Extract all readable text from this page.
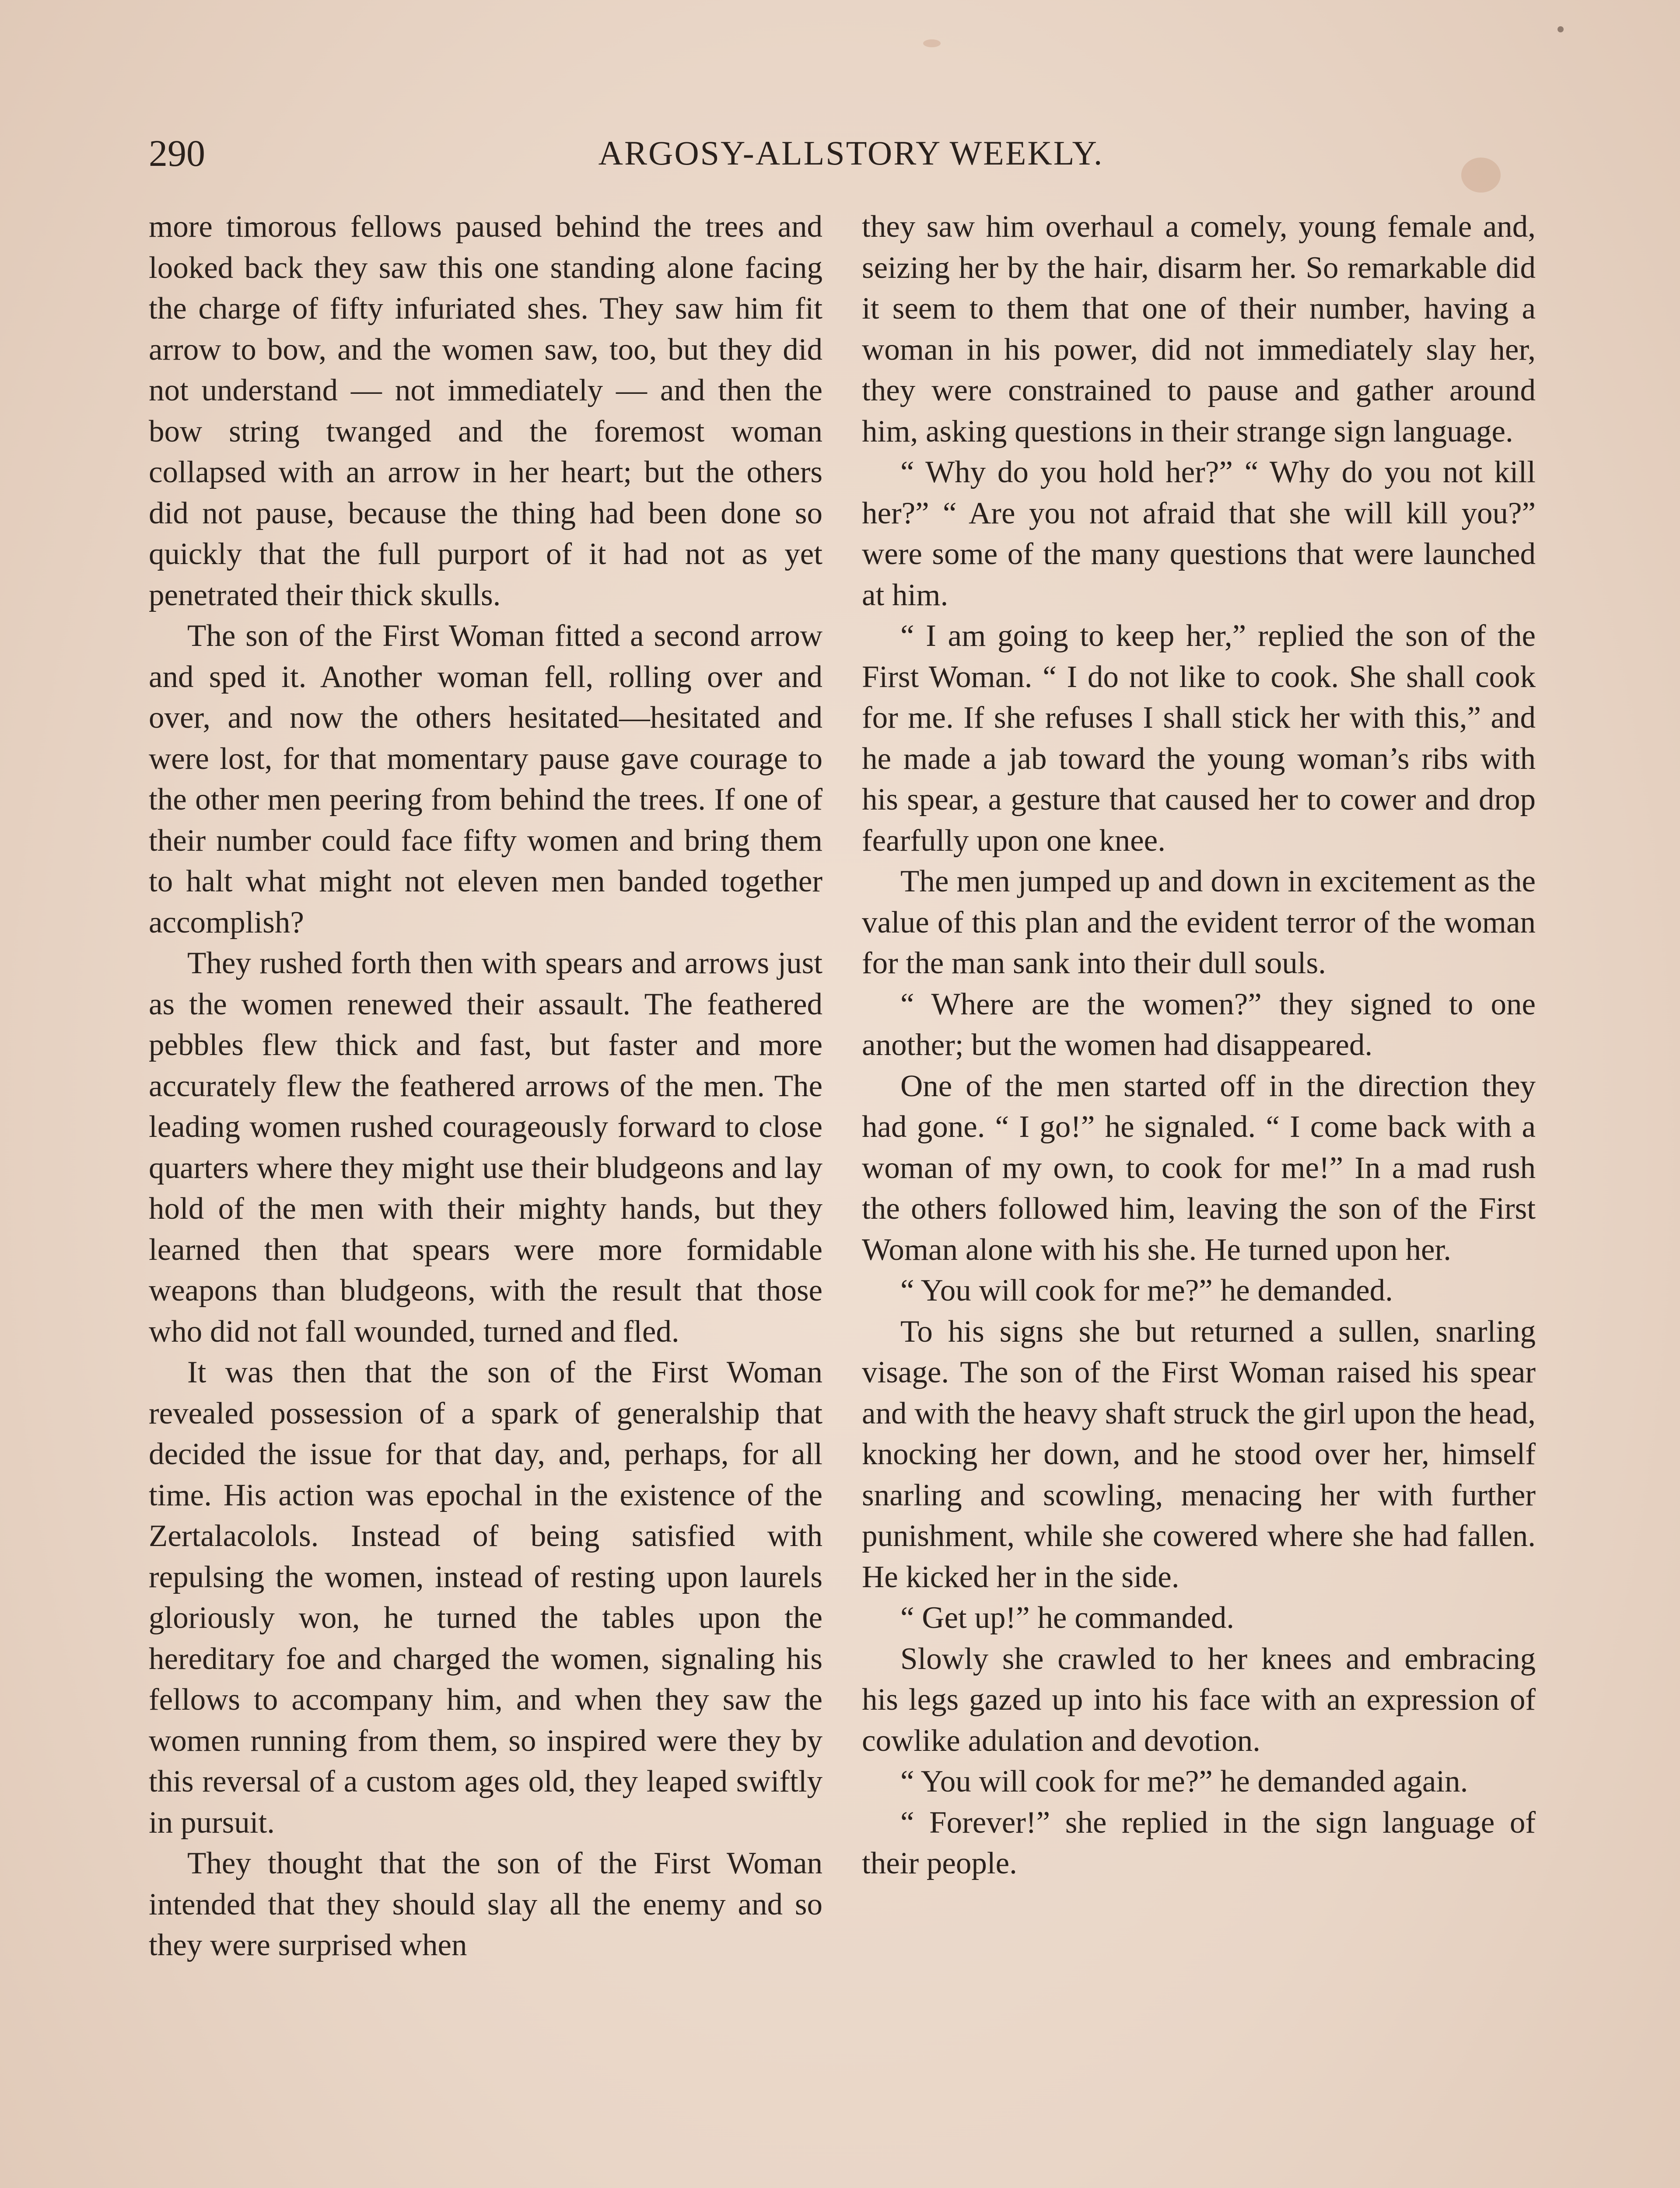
290	ARGOSY-ALLSTORY WEEKLY.

more timorous fellows paused behind the trees and looked back they saw this one standing alone facing the charge of fifty infuriated shes. They saw him fit arrow to bow, and the women saw, too, but they did not understand — not immediately — and then the bow string twanged and the foremost woman collapsed with an arrow in her heart; but the others did not pause, because the thing had been done so quickly that the full purport of it had not as yet penetrated their thick skulls.

The son of the First Woman fitted a second arrow and sped it. Another woman fell, rolling over and over, and now the others hesitated—hesitated and were lost, for that momentary pause gave courage to the other men peering from behind the trees. If one of their number could face fifty women and bring them to halt what might not eleven men banded together accomplish?

They rushed forth then with spears and arrows just as the women renewed their assault. The feathered pebbles flew thick and fast, but faster and more accurately flew the feathered arrows of the men. The leading women rushed courageously forward to close quarters where they might use their bludgeons and lay hold of the men with their mighty hands, but they learned then that spears were more formidable weapons than bludgeons, with the result that those who did not fall wounded, turned and fled.

It was then that the son of the First Woman revealed possession of a spark of generalship that decided the issue for that day, and, perhaps, for all time. His action was epochal in the existence of the Zertalacolols. Instead of being satisfied with repulsing the women, instead of resting upon laurels gloriously won, he turned the tables upon the hereditary foe and charged the women, signaling his fellows to accompany him, and when they saw the women running from them, so inspired were they by this reversal of a custom ages old, they leaped swiftly in pursuit.

They thought that the son of the First Woman intended that they should slay all the enemy and so they were surprised when

they saw him overhaul a comely, young female and, seizing her by the hair, disarm her. So remarkable did it seem to them that one of their number, having a woman in his power, did not immediately slay her, they were constrained to pause and gather around him, asking questions in their strange sign language.

“ Why do you hold her?” “ Why do you not kill her?” “ Are you not afraid that she will kill you?” were some of the many questions that were launched at him.

“ I am going to keep her,” replied the son of the First Woman. “ I do not like to cook. She shall cook for me. If she refuses I shall stick her with this,” and he made a jab toward the young woman’s ribs with his spear, a gesture that caused her to cower and drop fearfully upon one knee.

The men jumped up and down in excitement as the value of this plan and the evident terror of the woman for the man sank into their dull souls.

“ Where are the women?” they signed to one another; but the women had disappeared.

One of the men started off in the direction they had gone. “ I go!” he signaled. “ I come back with a woman of my own, to cook for me!” In a mad rush the others followed him, leaving the son of the First Woman alone with his she. He turned upon her.

“ You will cook for me?” he demanded.

To his signs she but returned a sullen, snarling visage. The son of the First Woman raised his spear and with the heavy shaft struck the girl upon the head, knocking her down, and he stood over her, himself snarling and scowling, menacing her with further punishment, while she cowered where she had fallen. He kicked her in the side.

“ Get up!” he commanded.

Slowly she crawled to her knees and embracing his legs gazed up into his face with an expression of cowlike adulation and devotion.

“ You will cook for me?” he demanded again.

“ Forever!” she replied in the sign language of their people.
